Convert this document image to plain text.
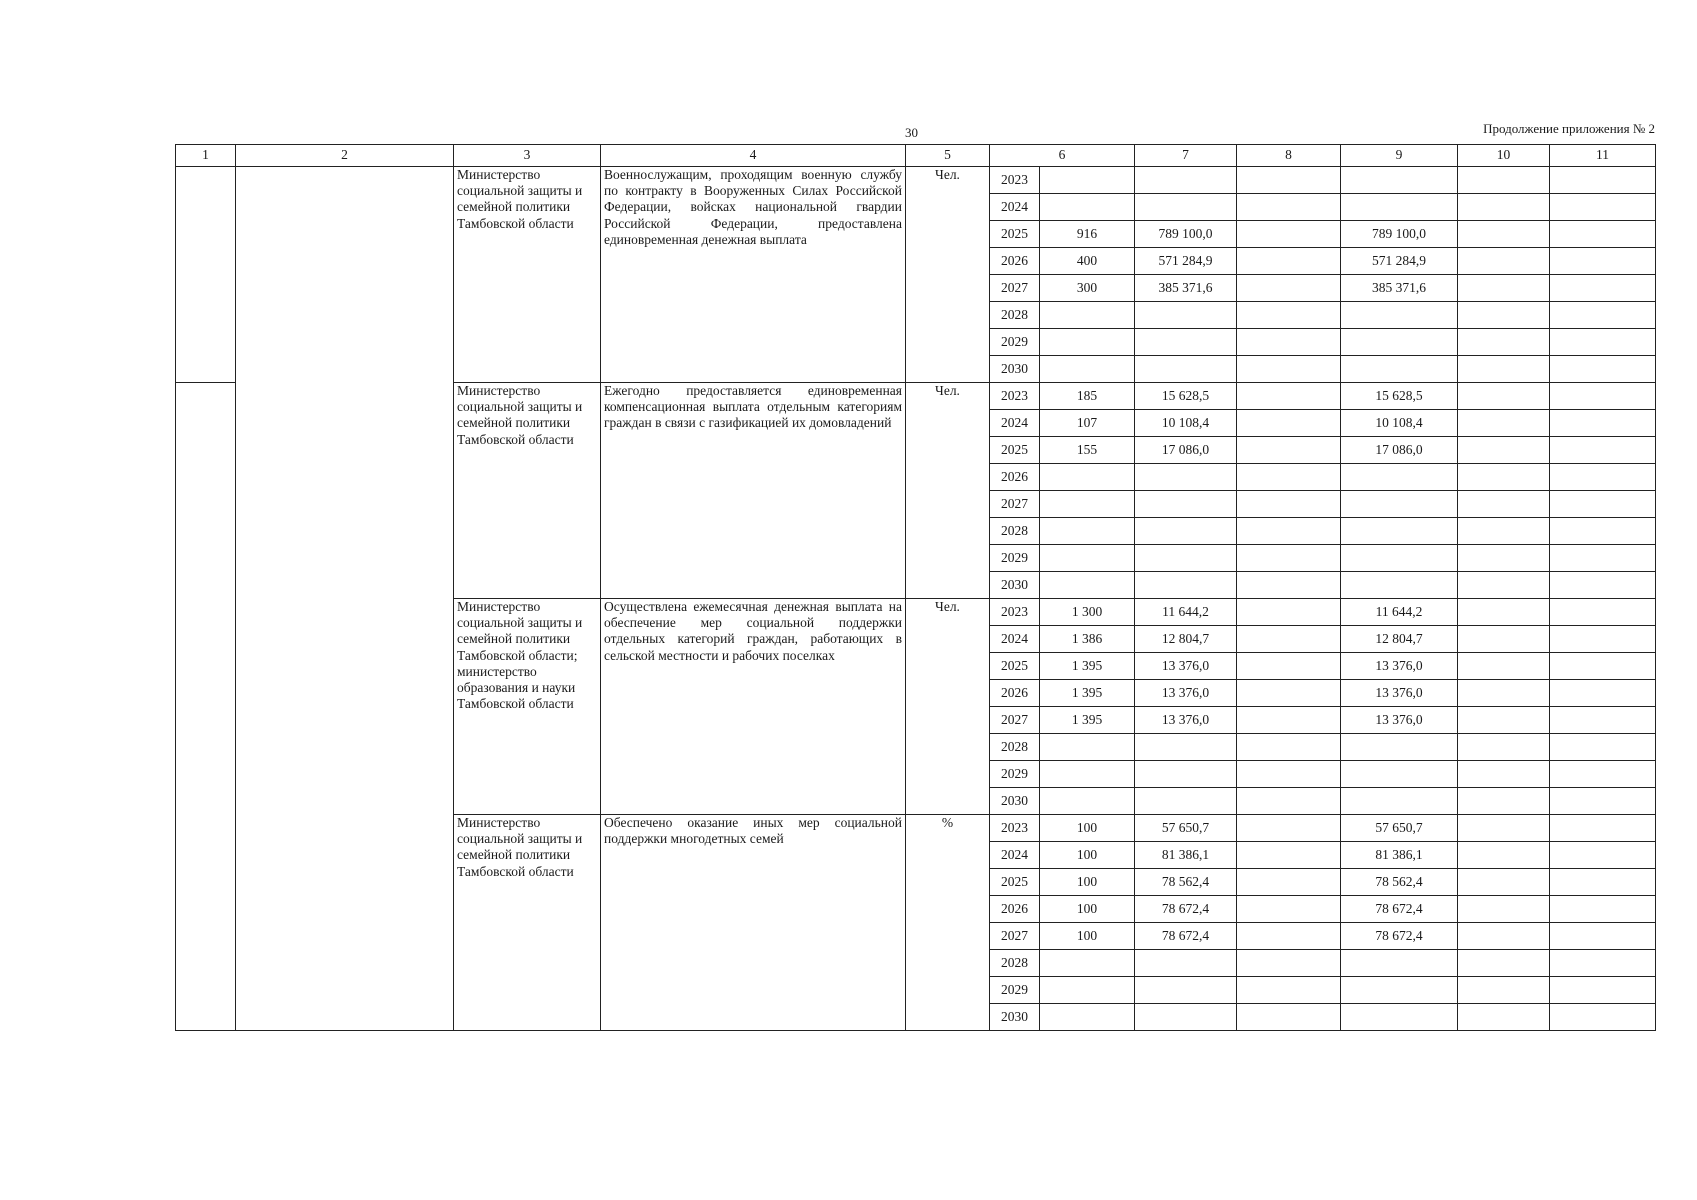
30	Продолжение приложения № 2
1	2	3	4	5	6		7	8	9	10	11
		Министерство социальной защиты и семейной политики Тамбовской области	Военнослужащим, проходящим военную службу по контракту в Вооруженных Силах Российской Федерации, войсках национальной гвардии Российской Федерации, предоставлена единовременная денежная выплата	Чел.	2023						
					2024						
					2025	916	789 100,0		789 100,0		
					2026	400	571 284,9		571 284,9		
					2027	300	385 371,6		385 371,6		
					2028						
					2029						
					2030						
		Министерство социальной защиты и семейной политики Тамбовской области	Ежегодно предоставляется единовременная компенсационная выплата отдельным категориям граждан в связи с газификацией их домовладений	Чел.	2023	185	15 628,5		15 628,5		
					2024	107	10 108,4		10 108,4		
					2025	155	17 086,0		17 086,0		
					2026						
					2027						
					2028						
					2029						
					2030						
		Министерство социальной защиты и семейной политики Тамбовской области; министерство образования и науки Тамбовской области	Осуществлена ежемесячная денежная выплата на обеспечение мер социальной поддержки отдельных категорий граждан, работающих в сельской местности и рабочих поселках	Чел.	2023	1 300	11 644,2		11 644,2		
					2024	1 386	12 804,7		12 804,7		
					2025	1 395	13 376,0		13 376,0		
					2026	1 395	13 376,0		13 376,0		
					2027	1 395	13 376,0		13 376,0		
					2028						
					2029						
					2030						
		Министерство социальной защиты и семейной политики Тамбовской области	Обеспечено оказание иных мер социальной поддержки многодетных семей	%	2023	100	57 650,7		57 650,7		
					2024	100	81 386,1		81 386,1		
					2025	100	78 562,4		78 562,4		
					2026	100	78 672,4		78 672,4		
					2027	100	78 672,4		78 672,4		
					2028						
					2029						
					2030						
